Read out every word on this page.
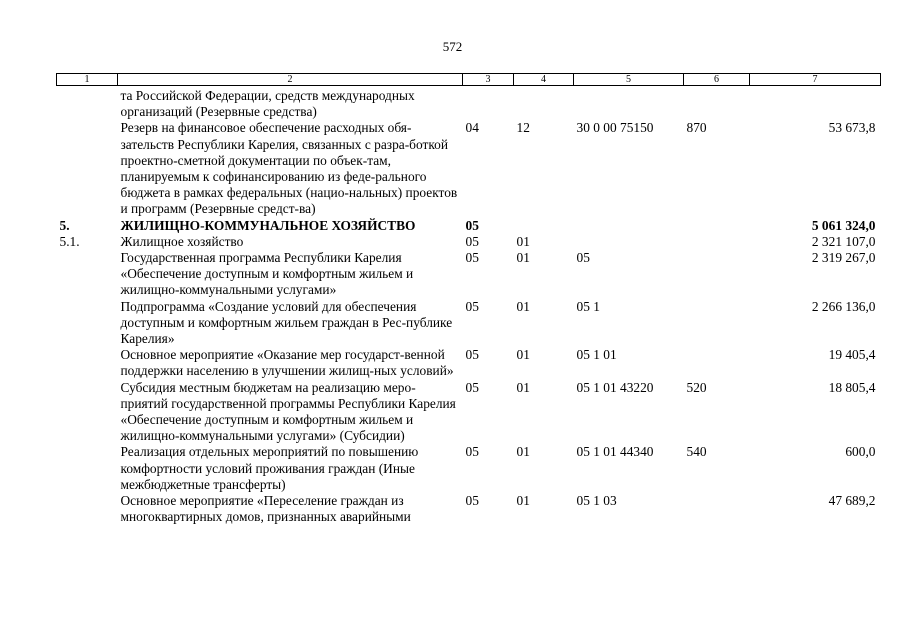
572
1	2	3	4	5	6	7
	та Российской Федерации, средств международных организаций (Резервные средства)					
	Резерв на финансовое обеспечение расходных обя-зательств Республики Карелия, связанных с разра-боткой проектно-сметной документации по объек-там, планируемым к софинансированию из феде-рального бюджета в рамках федеральных (нацио-нальных) проектов и программ (Резервные средст-ва)	04	12	30 0 00 75150	870	53 673,8
5.	ЖИЛИЩНО-КОММУНАЛЬНОЕ ХОЗЯЙСТВО	05				5 061 324,0
5.1.	Жилищное хозяйство	05	01			2 321 107,0
	Государственная программа Республики Карелия «Обеспечение доступным и комфортным жильем и жилищно-коммунальными услугами»	05	01	05		2 319 267,0
	Подпрограмма «Создание условий для обеспечения доступным и комфортным жильем граждан в Рес-публике Карелия»	05	01	05 1		2 266 136,0
	Основное мероприятие «Оказание мер государст-венной поддержки населению в улучшении жилищ-ных условий»	05	01	05 1 01		19 405,4
	Субсидия местным бюджетам на реализацию меро-приятий государственной программы Республики Карелия «Обеспечение доступным и комфортным жильем и жилищно-коммунальными услугами» (Субсидии)	05	01	05 1 01 43220	520	18 805,4
	Реализация отдельных мероприятий по повышению комфортности условий проживания граждан (Иные межбюджетные трансферты)	05	01	05 1 01 44340	540	600,0
	Основное мероприятие «Переселение граждан из многоквартирных домов, признанных аварийными	05	01	05 1 03		47 689,2
